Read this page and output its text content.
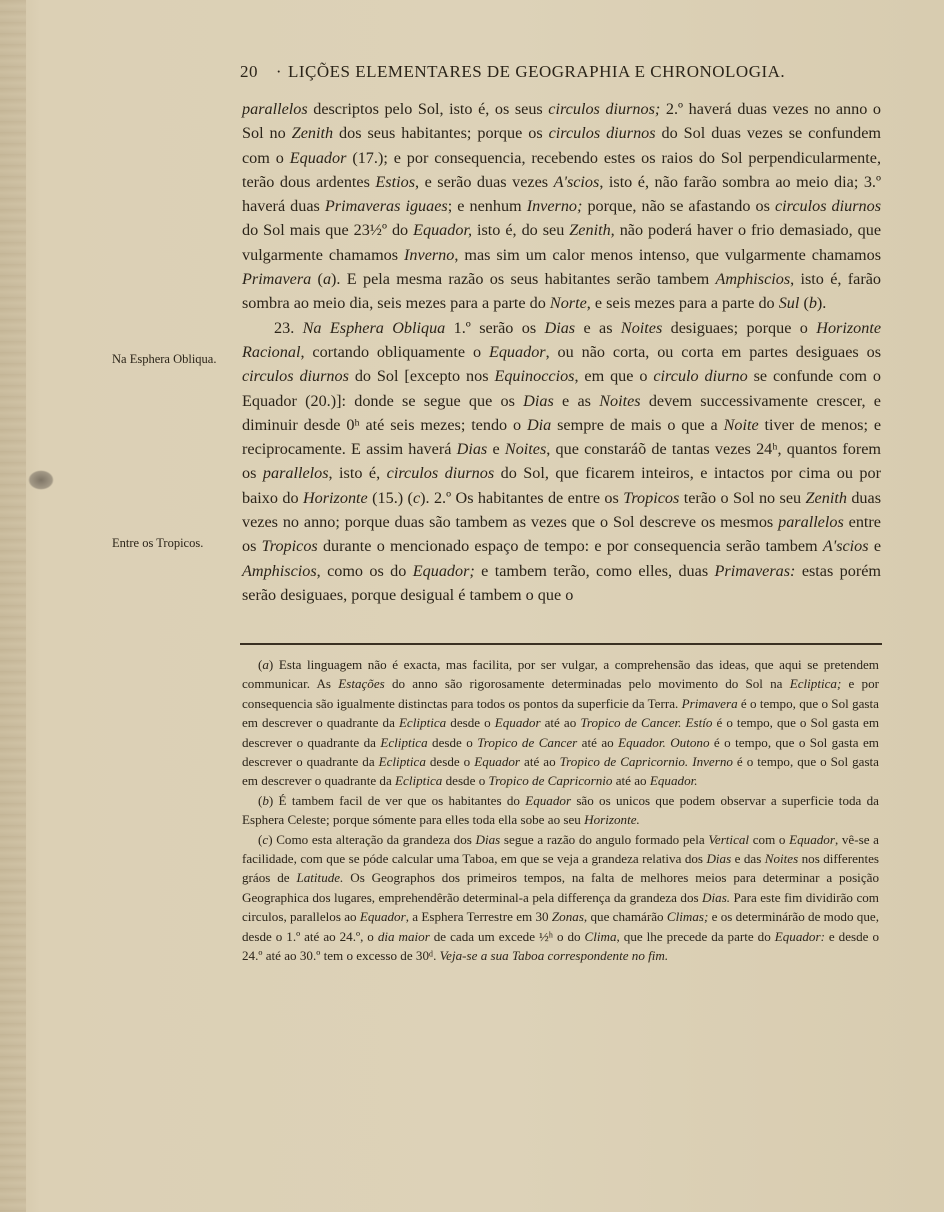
20 · LIÇÕES ELEMENTARES DE GEOGRAPHIA E CHRONOLOGIA.
Na Esphera Obliqua.
Entre os Tropicos.

parallelos descriptos pelo Sol, isto é, os seus circulos diurnos; 2.º haverá duas vezes no anno o Sol no Zenith dos seus habitantes; porque os circulos diurnos do Sol duas vezes se confundem com o Equador (17.); e por consequencia, recebendo estes os raios do Sol perpendicularmente, terão dous ardentes Estios, e serão duas vezes A'scios, isto é, não farão sombra ao meio dia; 3.º haverá duas Primaveras iguaes; e nenhum Inverno; porque, não se afastando os circulos diurnos do Sol mais que 23½º do Equador, isto é, do seu Zenith, não poderá haver o frio demasiado, que vulgarmente chamamos Inverno, mas sim um calor menos intenso, que vulgarmente chamamos Primavera (a). E pela mesma razão os seus habitantes serão tambem Amphiscios, isto é, farão sombra ao meio dia, seis mezes para a parte do Norte, e seis mezes para a parte do Sul (b).

23. Na Esphera Obliqua 1.º serão os Dias e as Noites desiguaes; porque o Horizonte Racional, cortando obliquamente o Equador, ou não corta, ou corta em partes desiguaes os circulos diurnos do Sol [excepto nos Equinoccios, em que o circulo diurno se confunde com o Equador (20.)]: donde se segue que os Dias e as Noites devem successivamente crescer, e diminuir desde 0ʰ até seis mezes; tendo o Dia sempre de mais o que a Noite tiver de menos; e reciprocamente. E assim haverá Dias e Noites, que constaráõ de tantas vezes 24ʰ, quantos forem os parallelos, isto é, circulos diurnos do Sol, que ficarem inteiros, e intactos por cima ou por baixo do Horizonte (15.) (c). 2.º Os habitantes de entre os Tropicos terão o Sol no seu Zenith duas vezes no anno; porque duas são tambem as vezes que o Sol descreve os mesmos parallelos entre os Tropicos durante o mencionado espaço de tempo: e por consequencia serão tambem A'scios e Amphiscios, como os do Equador; e tambem terão, como elles, duas Primaveras: estas porém serão desiguaes, porque desigual é tambem o que o

(a) Esta linguagem não é exacta, mas facilita, por ser vulgar, a comprehensão das ideas, que aqui se pretendem communicar. As Estações do anno são rigorosamente determinadas pelo movimento do Sol na Ecliptica; e por consequencia são igualmente distinctas para todos os pontos da superficie da Terra. Primavera é o tempo, que o Sol gasta em descrever o quadrante da Ecliptica desde o Equador até ao Tropico de Cancer. Estío é o tempo, que o Sol gasta em descrever o quadrante da Ecliptica desde o Tropico de Cancer até ao Equador. Outono é o tempo, que o Sol gasta em descrever o quadrante da Ecliptica desde o Equador até ao Tropico de Capricornio. Inverno é o tempo, que o Sol gasta em descrever o quadrante da Ecliptica desde o Tropico de Capricornio até ao Equador.

(b) É tambem facil de ver que os habitantes do Equador são os unicos que podem observar a superficie toda da Esphera Celeste; porque sómente para elles toda ella sobe ao seu Horizonte.

(c) Como esta alteração da grandeza dos Dias segue a razão do angulo formado pela Vertical com o Equador, vê-se a facilidade, com que se póde calcular uma Taboa, em que se veja a grandeza relativa dos Dias e das Noites nos differentes gráos de Latitude. Os Geographos dos primeiros tempos, na falta de melhores meios para determinar a posição Geographica dos lugares, emprehendêrão determinal-a pela differença da grandeza dos Dias. Para este fim dividirão com circulos, parallelos ao Equador, a Esphera Terrestre em 30 Zonas, que chamárão Climas; e os determinárão de modo que, desde o 1.º até ao 24.º, o dia maior de cada um excede ½ʰ o do Clima, que lhe precede da parte do Equador: e desde o 24.º até ao 30.º tem o excesso de 30ᵈ. Veja-se a sua Taboa correspondente no fim.
